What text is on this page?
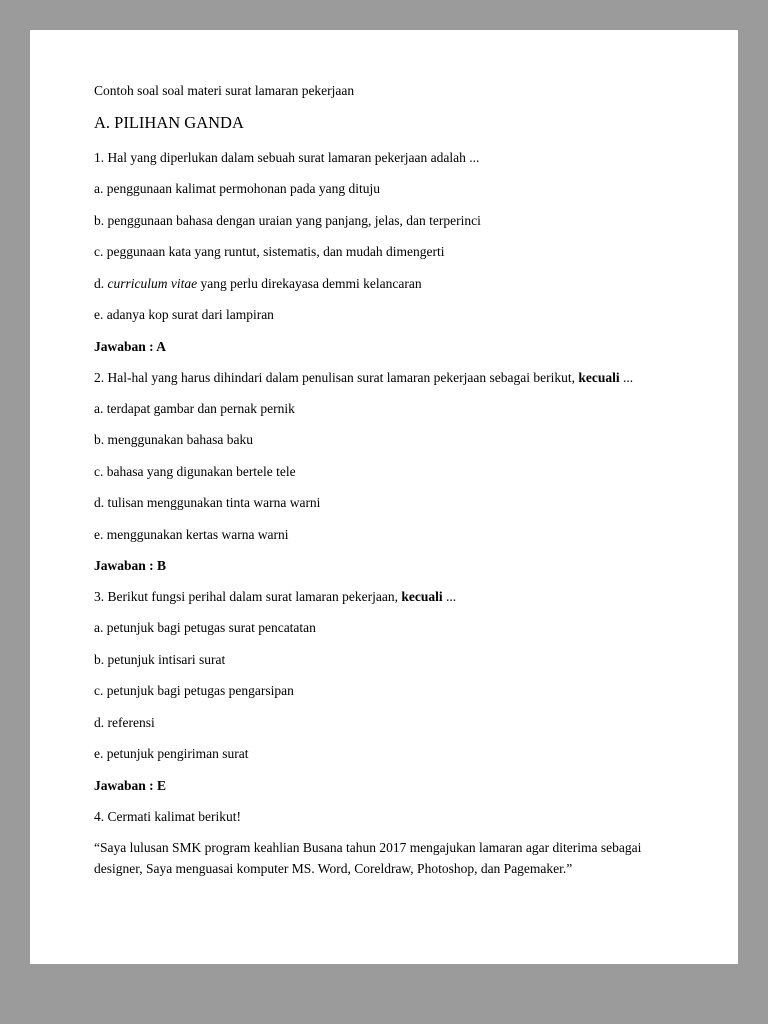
Contoh soal soal materi surat lamaran pekerjaan

A. PILIHAN GANDA

1. Hal yang diperlukan dalam sebuah surat lamaran pekerjaan adalah ...

a. penggunaan kalimat permohonan pada yang dituju

b. penggunaan bahasa dengan uraian yang panjang, jelas, dan terperinci

c. peggunaan kata yang runtut, sistematis, dan mudah dimengerti

d. curriculum vitae yang perlu direkayasa demmi kelancaran

e. adanya kop surat dari lampiran

Jawaban : A

2. Hal-hal yang harus dihindari dalam penulisan surat lamaran pekerjaan sebagai berikut, kecuali ...

a. terdapat gambar dan pernak pernik

b. menggunakan bahasa baku

c. bahasa yang digunakan bertele tele

d. tulisan menggunakan tinta warna warni

e. menggunakan kertas warna warni

Jawaban : B

3. Berikut fungsi perihal dalam surat lamaran pekerjaan, kecuali ...

a. petunjuk bagi petugas surat pencatatan

b. petunjuk intisari surat

c. petunjuk bagi petugas pengarsipan

d. referensi

e. petunjuk pengiriman surat

Jawaban : E

4. Cermati kalimat berikut!

“Saya lulusan SMK program keahlian Busana tahun 2017 mengajukan lamaran agar diterima sebagai designer, Saya menguasai komputer MS. Word, Coreldraw, Photoshop, dan Pagemaker.”
